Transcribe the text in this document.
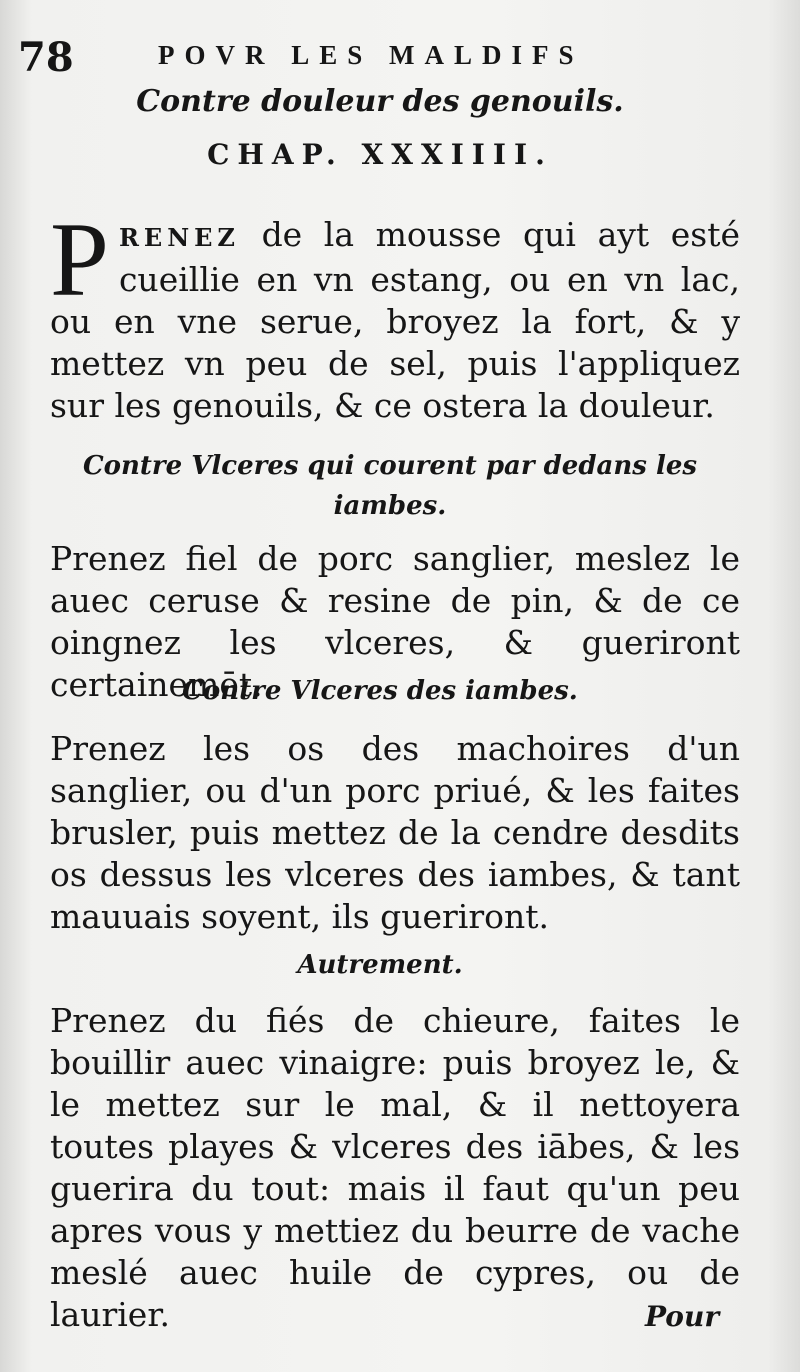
78	POVR LES MALDIFS
Contre douleur des genouils.
CHAP. XXXIIII.
PRENEZ de la mousse qui ayt esté cueillie en vn estang, ou en vn lac, ou en vne serue, broyez la fort, & y mettez vn peu de sel, puis l'appliquez sur les genouils, & ce ostera la douleur.
Contre Vlceres qui courent par dedans les iambes.
Prenez fiel de porc sanglier, meslez le auec ceruse & resine de pin, & de ce oingnez les vlceres, & gueriront certainemēt.
Contre Vlceres des iambes.
Prenez les os des machoires d'un sanglier, ou d'un porc priué, & les faites brusler, puis mettez de la cendre desdits os dessus les vlceres des iambes, & tant mauuais soyent, ils gueriront.
Autrement.
Prenez du fiés de chieure, faites le bouillir auec vinaigre: puis broyez le, & le mettez sur le mal, & il nettoyera toutes playes & vlceres des iābes, & les guerira du tout: mais il faut qu'un peu apres vous y mettiez du beurre de vache meslé auec huile de cypres, ou de laurier.	Pour
